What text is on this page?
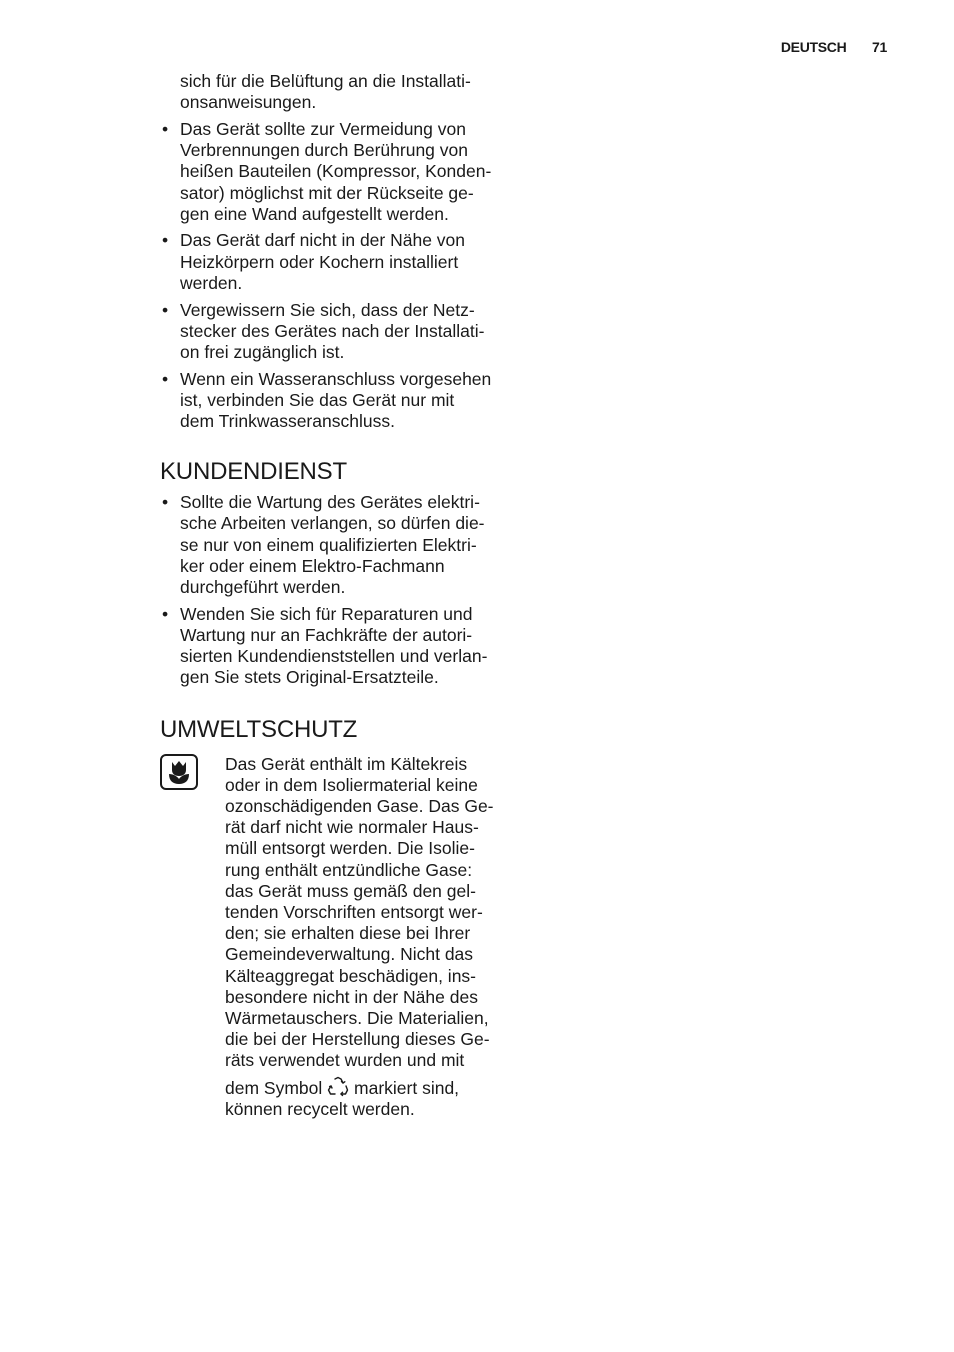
DEUTSCH 71
sich für die Belüftung an die Installati-
onsanweisungen.
• Das Gerät sollte zur Vermeidung von
Verbrennungen durch Berührung von
heißen Bauteilen (Kompressor, Konden-
sator) möglichst mit der Rückseite ge-
gen eine Wand aufgestellt werden.
• Das Gerät darf nicht in der Nähe von
Heizkörpern oder Kochern installiert
werden.
• Vergewissern Sie sich, dass der Netz-
stecker des Gerätes nach der Installati-
on frei zugänglich ist.
• Wenn ein Wasseranschluss vorgesehen
ist, verbinden Sie das Gerät nur mit
dem Trinkwasseranschluss.
KUNDENDIENST
• Sollte die Wartung des Gerätes elektri-
sche Arbeiten verlangen, so dürfen die-
se nur von einem qualifizierten Elektri-
ker oder einem Elektro-Fachmann
durchgeführt werden.
• Wenden Sie sich für Reparaturen und
Wartung nur an Fachkräfte der autori-
sierten Kundendienststellen und verlan-
gen Sie stets Original-Ersatzteile.
UMWELTSCHUTZ
Das Gerät enthält im Kältekreis
oder in dem Isoliermaterial keine
ozonschädigenden Gase. Das Ge-
rät darf nicht wie normaler Haus-
müll entsorgt werden. Die Isolie-
rung enthält entzündliche Gase:
das Gerät muss gemäß den gel-
tenden Vorschriften entsorgt wer-
den; sie erhalten diese bei Ihrer
Gemeindeverwaltung. Nicht das
Kälteaggregat beschädigen, ins-
besondere nicht in der Nähe des
Wärmetauschers. Die Materialien,
die bei der Herstellung dieses Ge-
räts verwendet wurden und mit
dem Symbol markiert sind,
können recycelt werden.
